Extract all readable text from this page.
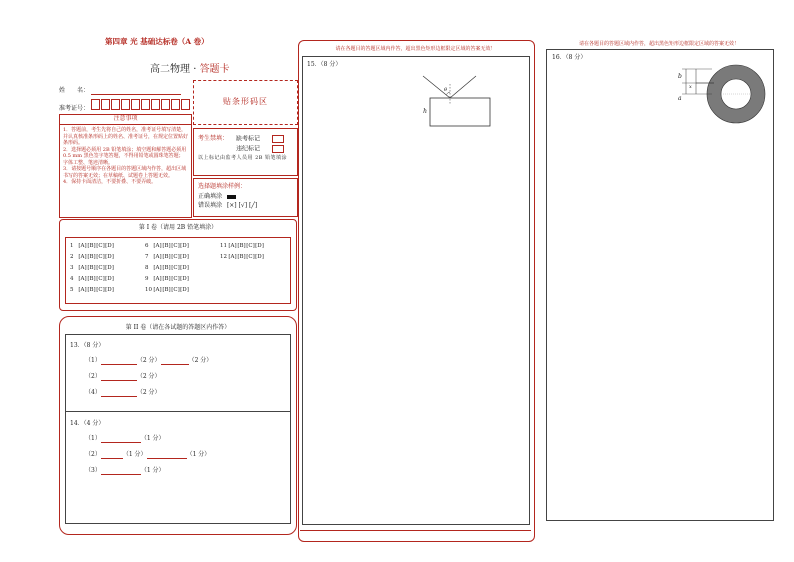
第四章 光 基础达标卷（A 卷）
高二物理 · 答题卡
姓　　名：
准考证号：
贴条形码区
注意事项
1．答题前，考生先将自己的姓名，准考证号填写清楚，并认真核准条形码上的姓名、准考证号，在规定位置贴好条形码。
2．选择题必须用 2B 铅笔填涂；填空题和解答题必须用 0.5 mm 黑色签字笔答题，不得用铅笔或圆珠笔答题；字体工整、笔迹清晰。
3．请按题号顺序在各题目的答题区域内作答，超出区域书写的答案无效；在草稿纸、试题卷上答题无效。
4．保持卡面清洁，不要折叠、不要弄破。
考生禁填： 缺考标记
违纪标记
以上标记由监考人员用 2B 铅笔填涂
选择题填涂样例：
正确填涂
错误填涂 [×] [√] [╱]
第 I 卷（请用 2B 铅笔填涂）
1 [A][B][C][D]
2 [A][B][C][D]
3 [A][B][C][D]
4 [A][B][C][D]
5 [A][B][C][D]
6 [A][B][C][D]
7 [A][B][C][D]
8 [A][B][C][D]
9 [A][B][C][D]
10[A][B][C][D]
11[A][B][C][D]
12[A][B][C][D]
第 II 卷（请在各试题的答题区内作答）
13．（8 分）
（1）	（2 分）	（2 分）
（2）	（2 分）
（4）	（2 分）
14．（4 分）
（1）	（1 分）
（2）	（1 分）	（1 分）
（3）	（1 分）
请在各题目的答题区域内作答，超出黑色矩形边框限定区域的答案无效！
15．（8 分）
θ
h
请在各题目的答题区域内作答，超出黑色矩形边框限定区域的答案无效！
16．（8 分）
b
x
a
